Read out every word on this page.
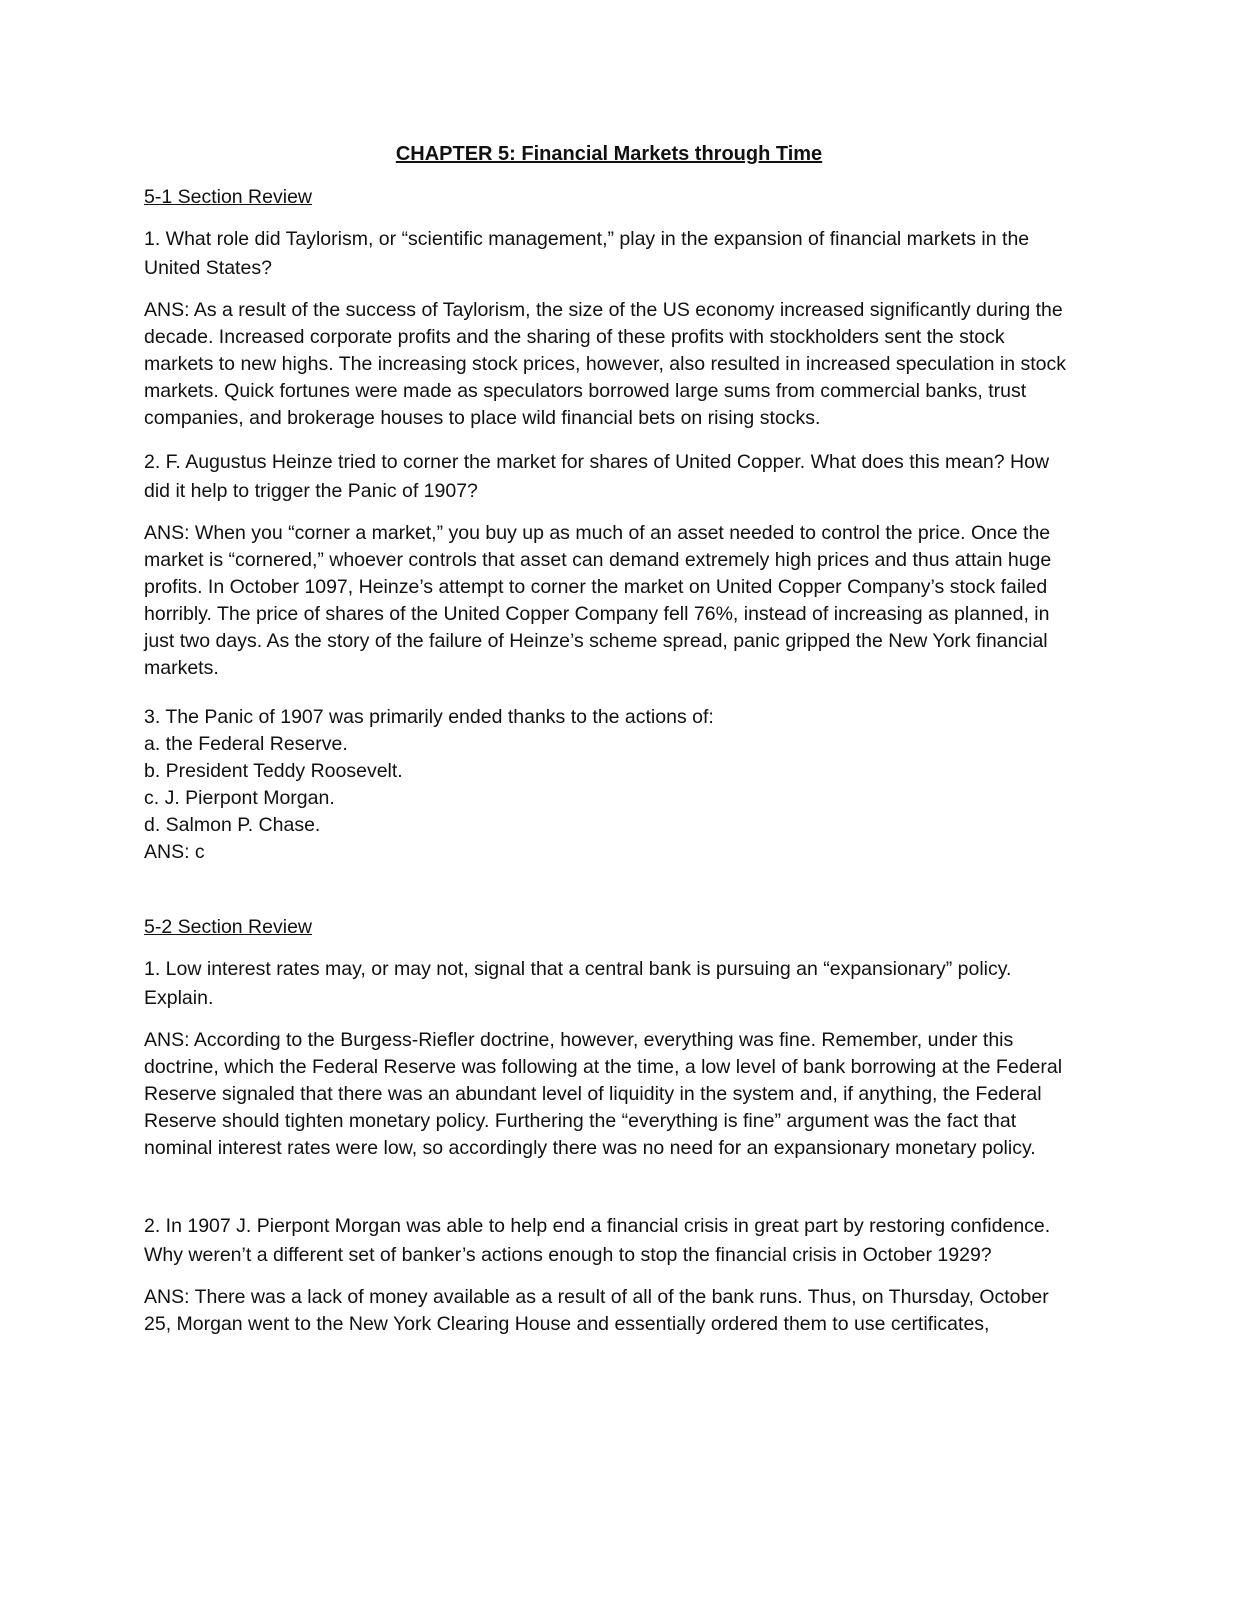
CHAPTER 5: Financial Markets through Time
5-1 Section Review
1. What role did Taylorism, or “scientific management,” play in the expansion of financial markets in the United States?
ANS: As a result of the success of Taylorism, the size of the US economy increased significantly during the decade. Increased corporate profits and the sharing of these profits with stockholders sent the stock markets to new highs. The increasing stock prices, however, also resulted in increased speculation in stock markets. Quick fortunes were made as speculators borrowed large sums from commercial banks, trust companies, and brokerage houses to place wild financial bets on rising stocks.
2. F. Augustus Heinze tried to corner the market for shares of United Copper. What does this mean? How did it help to trigger the Panic of 1907?
ANS: When you “corner a market,” you buy up as much of an asset needed to control the price. Once the market is “cornered,” whoever controls that asset can demand extremely high prices and thus attain huge profits. In October 1097, Heinze’s attempt to corner the market on United Copper Company’s stock failed horribly. The price of shares of the United Copper Company fell 76%, instead of increasing as planned, in just two days. As the story of the failure of Heinze’s scheme spread, panic gripped the New York financial markets.
3. The Panic of 1907 was primarily ended thanks to the actions of:
a. the Federal Reserve.
b. President Teddy Roosevelt.
c. J. Pierpont Morgan.
d. Salmon P. Chase.
ANS: c
5-2 Section Review
1. Low interest rates may, or may not, signal that a central bank is pursuing an “expansionary” policy. Explain.
ANS: According to the Burgess-Riefler doctrine, however, everything was fine. Remember, under this doctrine, which the Federal Reserve was following at the time, a low level of bank borrowing at the Federal Reserve signaled that there was an abundant level of liquidity in the system and, if anything, the Federal Reserve should tighten monetary policy. Furthering the “everything is fine” argument was the fact that nominal interest rates were low, so accordingly there was no need for an expansionary monetary policy.
2. In 1907 J. Pierpont Morgan was able to help end a financial crisis in great part by restoring confidence. Why weren’t a different set of banker’s actions enough to stop the financial crisis in October 1929?
ANS: There was a lack of money available as a result of all of the bank runs. Thus, on Thursday, October 25, Morgan went to the New York Clearing House and essentially ordered them to use certificates,
